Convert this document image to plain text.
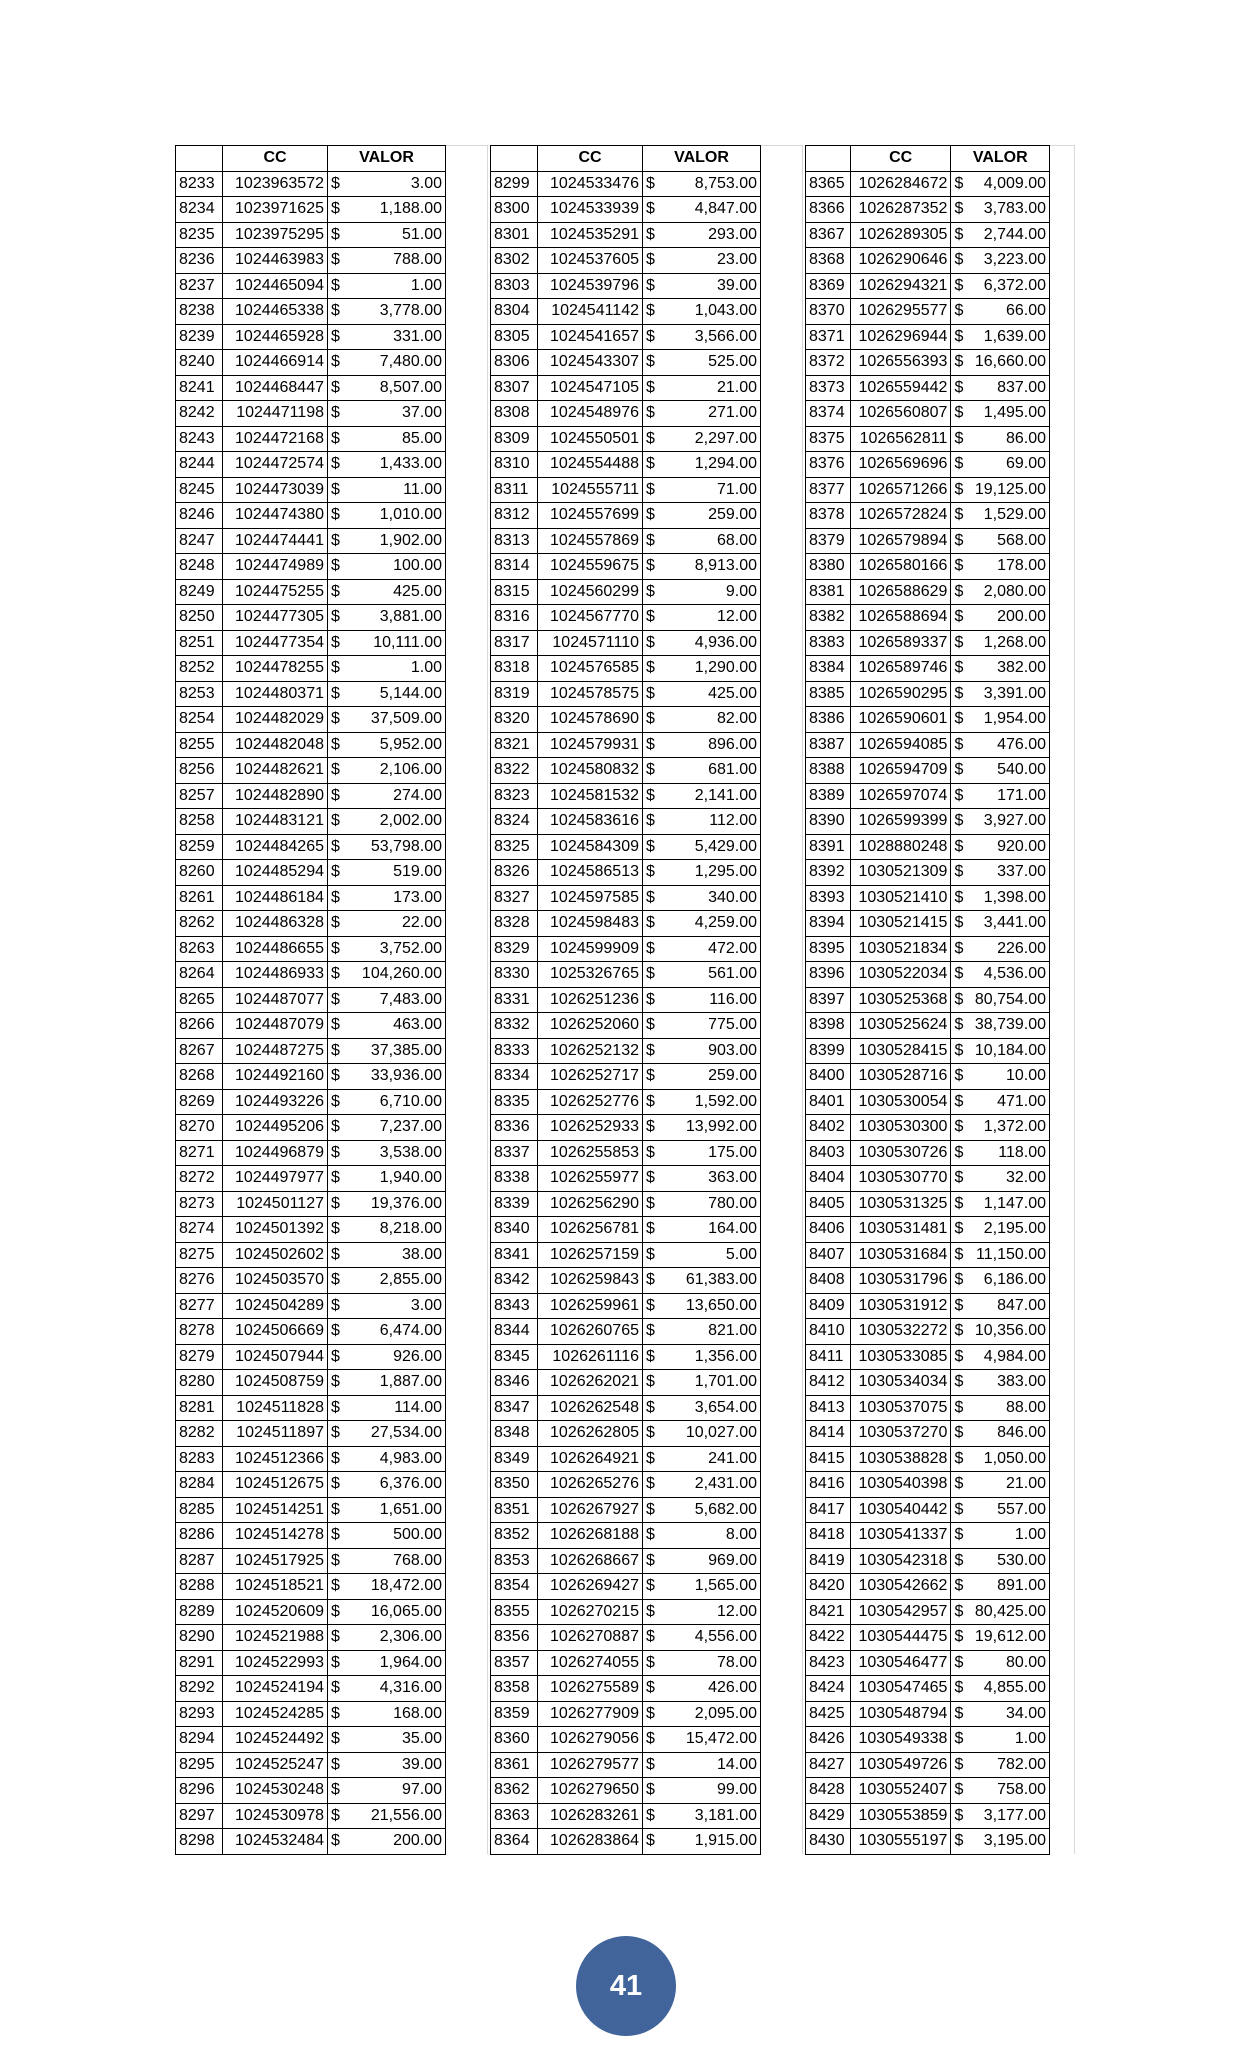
	CC	VALOR	
8233	1023963572	$ 3.00	

8234	1023971625	$ 1,188.00	

8235	1023975295	$ 51.00	

8236	1024463983	$ 788.00	

8237	1024465094	$ 1.00	

8238	1024465338	$ 3,778.00	

8239	1024465928	$ 331.00	

8240	1024466914	$ 7,480.00	

8241	1024468447	$ 8,507.00	

8242	1024471198	$ 37.00	

8243	1024472168	$ 85.00	

8244	1024472574	$ 1,433.00	

8245	1024473039	$ 11.00	

8246	1024474380	$ 1,010.00	

8247	1024474441	$ 1,902.00	

8248	1024474989	$ 100.00	

8249	1024475255	$ 425.00	

8250	1024477305	$ 3,881.00	

8251	1024477354	$ 10,111.00	

8252	1024478255	$ 1.00	

8253	1024480371	$ 5,144.00	

8254	1024482029	$ 37,509.00	

8255	1024482048	$ 5,952.00	

8256	1024482621	$ 2,106.00	

8257	1024482890	$ 274.00	

8258	1024483121	$ 2,002.00	

8259	1024484265	$ 53,798.00	

8260	1024485294	$ 519.00	

8261	1024486184	$ 173.00	

8262	1024486328	$ 22.00	

8263	1024486655	$ 3,752.00	

8264	1024486933	$ 104,260.00	

8265	1024487077	$ 7,483.00	

8266	1024487079	$ 463.00	

8267	1024487275	$ 37,385.00	

8268	1024492160	$ 33,936.00	

8269	1024493226	$ 6,710.00	

8270	1024495206	$ 7,237.00	

8271	1024496879	$ 3,538.00	

8272	1024497977	$ 1,940.00	

8273	1024501127	$ 19,376.00	

8274	1024501392	$ 8,218.00	

8275	1024502602	$ 38.00	

8276	1024503570	$ 2,855.00	

8277	1024504289	$ 3.00	

8278	1024506669	$ 6,474.00	

8279	1024507944	$ 926.00	

8280	1024508759	$ 1,887.00	

8281	1024511828	$ 114.00	

8282	1024511897	$ 27,534.00	

8283	1024512366	$ 4,983.00	

8284	1024512675	$ 6,376.00	

8285	1024514251	$ 1,651.00	

8286	1024514278	$ 500.00	

8287	1024517925	$ 768.00	

8288	1024518521	$ 18,472.00	

8289	1024520609	$ 16,065.00	

8290	1024521988	$ 2,306.00	

8291	1024522993	$ 1,964.00	

8292	1024524194	$ 4,316.00	

8293	1024524285	$ 168.00	

8294	1024524492	$ 35.00	

8295	1024525247	$ 39.00	

8296	1024530248	$ 97.00	

8297	1024530978	$ 21,556.00	

8298	1024532484	$ 200.00	

	CC	VALOR	
8299	1024533476	$ 8,753.00	

8300	1024533939	$ 4,847.00	

8301	1024535291	$ 293.00	

8302	1024537605	$ 23.00	

8303	1024539796	$ 39.00	

8304	1024541142	$ 1,043.00	

8305	1024541657	$ 3,566.00	

8306	1024543307	$ 525.00	

8307	1024547105	$ 21.00	

8308	1024548976	$ 271.00	

8309	1024550501	$ 2,297.00	

8310	1024554488	$ 1,294.00	

8311	1024555711	$ 71.00	

8312	1024557699	$ 259.00	

8313	1024557869	$ 68.00	

8314	1024559675	$ 8,913.00	

8315	1024560299	$ 9.00	

8316	1024567770	$ 12.00	

8317	1024571110	$ 4,936.00	

8318	1024576585	$ 1,290.00	

8319	1024578575	$ 425.00	

8320	1024578690	$ 82.00	

8321	1024579931	$ 896.00	

8322	1024580832	$ 681.00	

8323	1024581532	$ 2,141.00	

8324	1024583616	$ 112.00	

8325	1024584309	$ 5,429.00	

8326	1024586513	$ 1,295.00	

8327	1024597585	$ 340.00	

8328	1024598483	$ 4,259.00	

8329	1024599909	$ 472.00	

8330	1025326765	$ 561.00	

8331	1026251236	$ 116.00	

8332	1026252060	$ 775.00	

8333	1026252132	$ 903.00	

8334	1026252717	$ 259.00	

8335	1026252776	$ 1,592.00	

8336	1026252933	$ 13,992.00	

8337	1026255853	$ 175.00	

8338	1026255977	$ 363.00	

8339	1026256290	$ 780.00	

8340	1026256781	$ 164.00	

8341	1026257159	$ 5.00	

8342	1026259843	$ 61,383.00	

8343	1026259961	$ 13,650.00	

8344	1026260765	$ 821.00	

8345	1026261116	$ 1,356.00	

8346	1026262021	$ 1,701.00	

8347	1026262548	$ 3,654.00	

8348	1026262805	$ 10,027.00	

8349	1026264921	$ 241.00	

8350	1026265276	$ 2,431.00	

8351	1026267927	$ 5,682.00	

8352	1026268188	$ 8.00	

8353	1026268667	$ 969.00	

8354	1026269427	$ 1,565.00	

8355	1026270215	$ 12.00	

8356	1026270887	$ 4,556.00	

8357	1026274055	$ 78.00	

8358	1026275589	$ 426.00	

8359	1026277909	$ 2,095.00	

8360	1026279056	$ 15,472.00	

8361	1026279577	$ 14.00	

8362	1026279650	$ 99.00	

8363	1026283261	$ 3,181.00	

8364	1026283864	$ 1,915.00	

	CC	VALOR	
8365	1026284672	$ 4,009.00	

8366	1026287352	$ 3,783.00	

8367	1026289305	$ 2,744.00	

8368	1026290646	$ 3,223.00	

8369	1026294321	$ 6,372.00	

8370	1026295577	$ 66.00	

8371	1026296944	$ 1,639.00	

8372	1026556393	$ 16,660.00	

8373	1026559442	$ 837.00	

8374	1026560807	$ 1,495.00	

8375	1026562811	$ 86.00	

8376	1026569696	$ 69.00	

8377	1026571266	$ 19,125.00	

8378	1026572824	$ 1,529.00	

8379	1026579894	$ 568.00	

8380	1026580166	$ 178.00	

8381	1026588629	$ 2,080.00	

8382	1026588694	$ 200.00	

8383	1026589337	$ 1,268.00	

8384	1026589746	$ 382.00	

8385	1026590295	$ 3,391.00	

8386	1026590601	$ 1,954.00	

8387	1026594085	$ 476.00	

8388	1026594709	$ 540.00	

8389	1026597074	$ 171.00	

8390	1026599399	$ 3,927.00	

8391	1028880248	$ 920.00	

8392	1030521309	$ 337.00	

8393	1030521410	$ 1,398.00	

8394	1030521415	$ 3,441.00	

8395	1030521834	$ 226.00	

8396	1030522034	$ 4,536.00	

8397	1030525368	$ 80,754.00	

8398	1030525624	$ 38,739.00	

8399	1030528415	$ 10,184.00	

8400	1030528716	$ 10.00	

8401	1030530054	$ 471.00	

8402	1030530300	$ 1,372.00	

8403	1030530726	$ 118.00	

8404	1030530770	$ 32.00	

8405	1030531325	$ 1,147.00	

8406	1030531481	$ 2,195.00	

8407	1030531684	$ 11,150.00	

8408	1030531796	$ 6,186.00	

8409	1030531912	$ 847.00	

8410	1030532272	$ 10,356.00	

8411	1030533085	$ 4,984.00	

8412	1030534034	$ 383.00	

8413	1030537075	$ 88.00	

8414	1030537270	$ 846.00	

8415	1030538828	$ 1,050.00	

8416	1030540398	$ 21.00	

8417	1030540442	$ 557.00	

8418	1030541337	$ 1.00	

8419	1030542318	$ 530.00	

8420	1030542662	$ 891.00	

8421	1030542957	$ 80,425.00	

8422	1030544475	$ 19,612.00	

8423	1030546477	$ 80.00	

8424	1030547465	$ 4,855.00	

8425	1030548794	$ 34.00	

8426	1030549338	$ 1.00	

8427	1030549726	$ 782.00	

8428	1030552407	$ 758.00	

8429	1030553859	$ 3,177.00	

8430	1030555197	$ 3,195.00	

41
